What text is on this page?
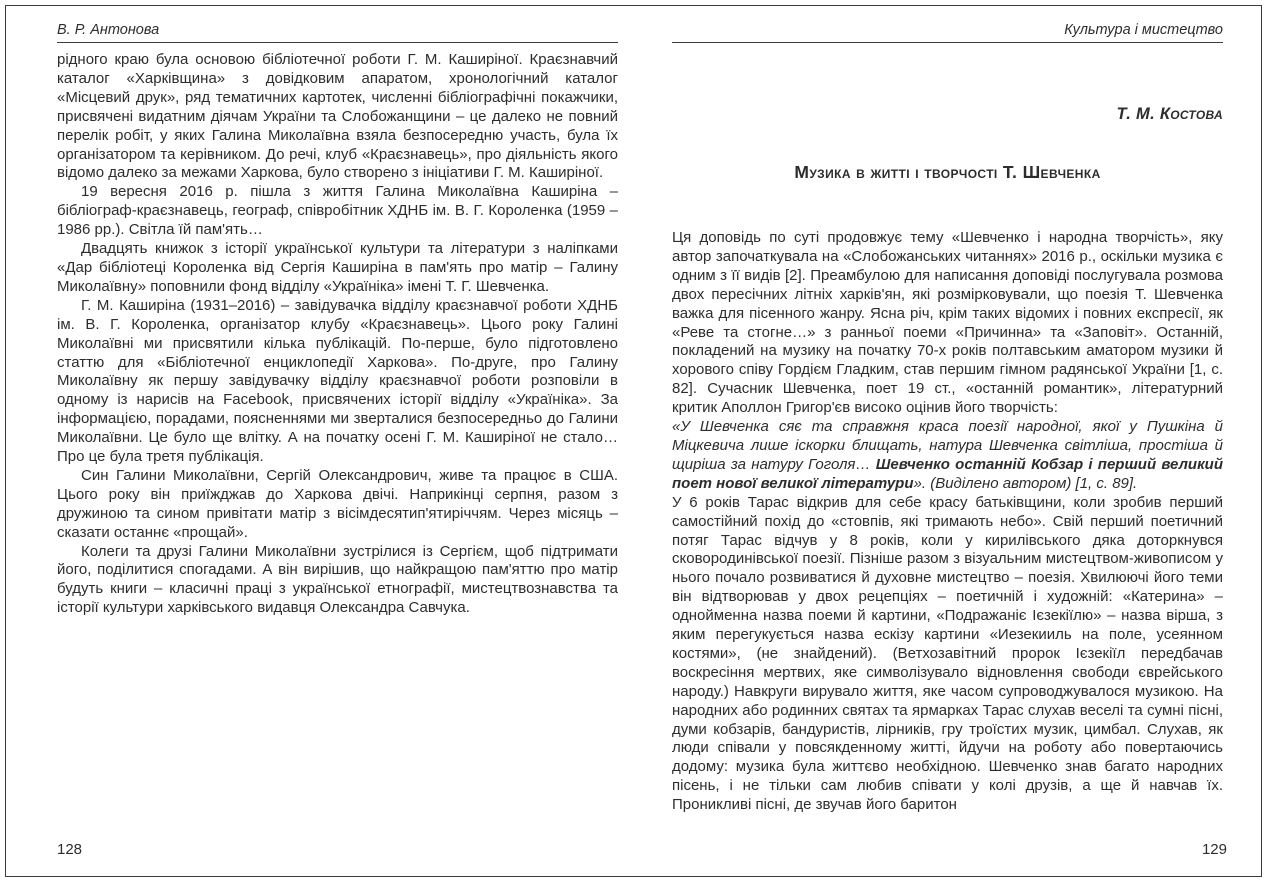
В. Р. Антонова

рідного краю була основою бібліотечної роботи Г. М. Каширіної. Краєзнавчий каталог «Харківщина» з довідковим апаратом, хронологічний каталог «Місцевий друк», ряд тематичних картотек, численні бібліографічні покажчики, присвячені видатним діячам України та Слобожанщини – це далеко не повний перелік робіт, у яких Галина Миколаївна взяла безпосередню участь, була їх організатором та керівником. До речі, клуб «Краєзнавець», про діяльність якого відомо далеко за межами Харкова, було створено з ініціативи Г. М. Каширіної.

19 вересня 2016 р. пішла з життя Галина Миколаївна Каширіна – бібліограф-краєзнавець, географ, співробітник ХДНБ ім. В. Г. Короленка (1959 – 1986 рр.). Світла їй пам'ять…

Двадцять книжок з історії української культури та літератури з наліпками «Дар бібліотеці Короленка від Сергія Каширіна в пам'ять про матір – Галину Миколаївну» поповнили фонд відділу «Україніка» імені Т. Г. Шевченка.

Г. М. Каширіна (1931–2016) – завідувачка відділу краєзнавчої роботи ХДНБ ім. В. Г. Короленка, організатор клубу «Краєзнавець». Цього року Галині Миколаївні ми присвятили кілька публікацій. По-перше, було підготовлено статтю для «Бібліотечної енциклопедії Харкова». По-друге, про Галину Миколаївну як першу завідувачку відділу краєзнавчої роботи розповіли в одному із нарисів на Facebook, присвячених історії відділу «Україніка». За інформацією, порадами, поясненнями ми зверталися безпосередньо до Галини Миколаївни. Це було ще влітку. А на початку осені Г. М. Каширіної не стало… Про це була третя публікація.

Син Галини Миколаївни, Сергій Олександрович, живе та працює в США. Цього року він приїжджав до Харкова двічі. Наприкінці серпня, разом з дружиною та сином привітати матір з вісімдесятип'ятиріччям. Через місяць – сказати останнє «прощай».

Колеги та друзі Галини Миколаївни зустрілися із Сергієм, щоб підтримати його, поділитися спогадами. А він вирішив, що найкращою пам'яттю про матір будуть книги – класичні праці з української етнографії, мистецтвознавства та історії культури харківського видавця Олександра Савчука.

Культура і мистецтво
Т. М. Костова
Музика в житті і творчості Т. Шевченка

Ця доповідь по суті продовжує тему «Шевченко і народна творчість», яку автор започаткувала на «Слобожанських читаннях» 2016 р., оскільки музика є одним з її видів [2]. Преамбулою для написання доповіді послугувала розмова двох пересічних літніх харків'ян, які розмірковували, що поезія Т. Шевченка важка для пісенного жанру. Ясна річ, крім таких відомих і повних експресії, як «Реве та стогне…» з ранньої поеми «Причинна» та «Заповіт». Останній, покладений на музику на початку 70-х років полтавським аматором музики й хорового співу Гордієм Гладким, став першим гімном радянської України [1, с. 82]. Сучасник Шевченка, поет 19 ст., «останній романтик», літературний критик Аполлон Григор'єв високо оцінив його творчість:

«У Шевченка сяє та справжня краса поезії народної, якої у Пушкіна й Міцкевича лише іскорки блищать, натура Шевченка світліша, простіша й щиріша за натуру Гоголя… Шевченко останній Кобзар і перший великий поет нової великої літератури». (Виділено автором) [1, с. 89].

У 6 років Тарас відкрив для себе красу батьківщини, коли зробив перший самостійний похід до «стовпів, які тримають небо». Свій перший поетичний потяг Тарас відчув у 8 років, коли у кирилівського дяка доторкнувся сковородинівської поезії. Пізніше разом з візуальним мистецтвом-живописом у нього почало розвиватися й духовне мистецтво – поезія. Хвилюючі його теми він відтворював у двох рецепціях – поетичній і художній: «Катерина» – однойменна назва поеми й картини, «Подражаніє Ієзекіїлю» – назва вірша, з яким перегукується назва ескізу картини «Иезекииль на поле, усеянном костями», (не знайдений). (Ветхозавітний пророк Ієзекіїл передбачав воскресіння мертвих, яке символізувало відновлення свободи єврейського народу.) Навкруги вирувало життя, яке часом супроводжувалося музикою. На народних або родинних святах та ярмарках Тарас слухав веселі та сумні пісні, думи кобзарів, бандуристів, лірників, гру троїстих музик, цимбал. Слухав, як люди співали у повсякденному житті, йдучи на роботу або повертаючись додому: музика була життєво необхідною. Шевченко знав багато народних пісень, і не тільки сам любив співати у колі друзів, а ще й навчав їх. Проникливі пісні, де звучав його баритон

128	129
